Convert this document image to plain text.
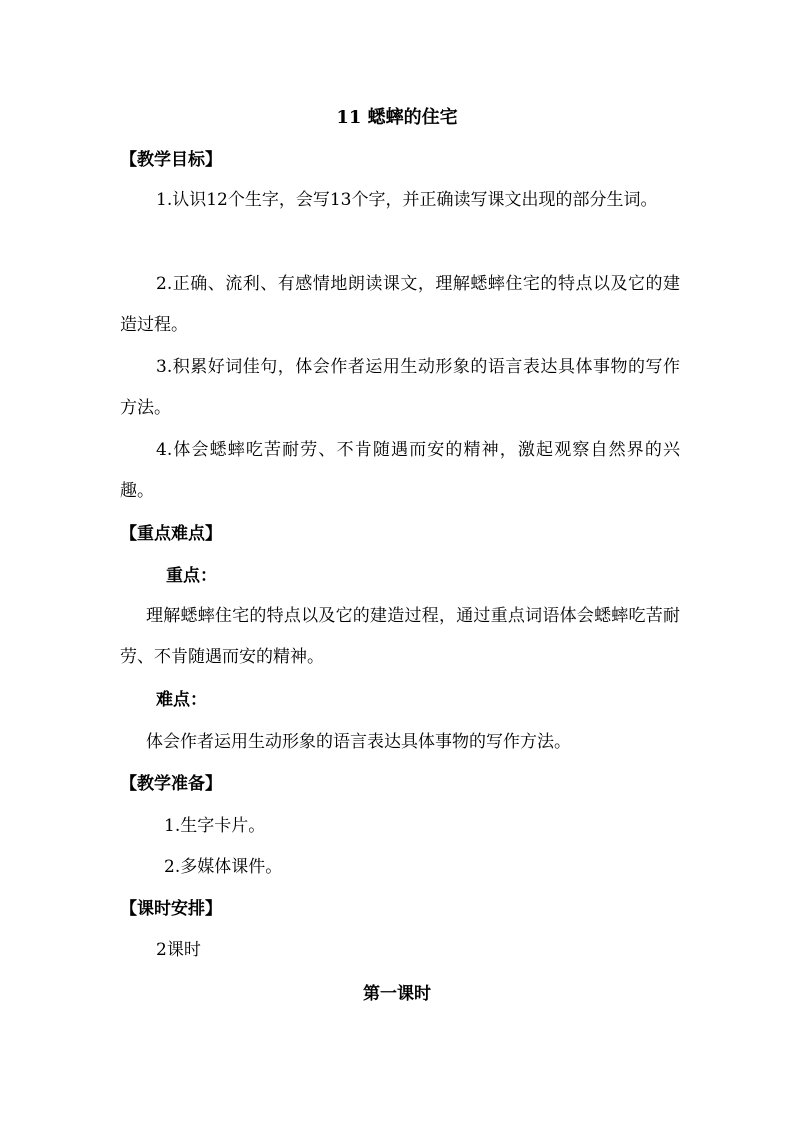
11 蟋蟀的住宅
【教学目标】
1.认识12个生字，会写13个字，并正确读写课文出现的部分生词。
2.正确、流利、有感情地朗读课文，理解蟋蟀住宅的特点以及它的建造过程。
3.积累好词佳句，体会作者运用生动形象的语言表达具体事物的写作方法。
4.体会蟋蟀吃苦耐劳、不肯随遇而安的精神，激起观察自然界的兴趣。
【重点难点】
重点：
理解蟋蟀住宅的特点以及它的建造过程，通过重点词语体会蟋蟀吃苦耐劳、不肯随遇而安的精神。
难点：
体会作者运用生动形象的语言表达具体事物的写作方法。
【教学准备】
1.生字卡片。
2.多媒体课件。
【课时安排】
2课时
第一课时
